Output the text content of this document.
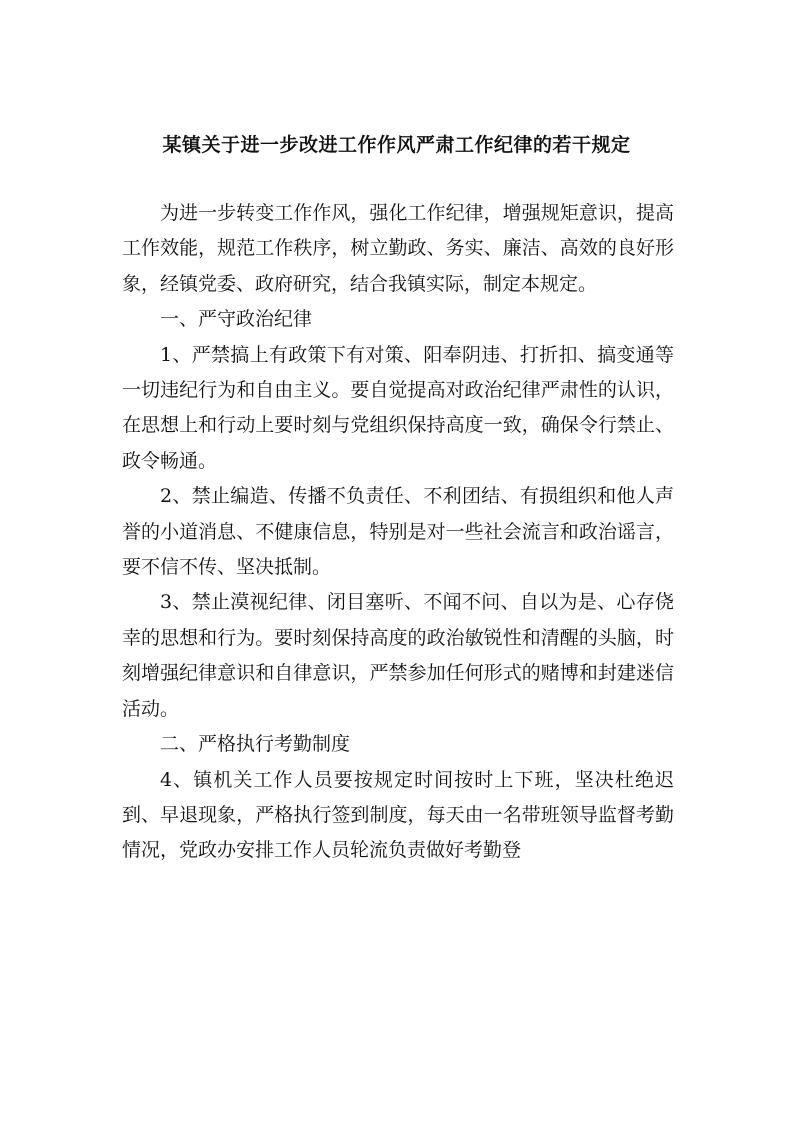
某镇关于进一步改进工作作风严肃工作纪律的若干规定

为进一步转变工作作风，强化工作纪律，增强规矩意识，提高工作效能，规范工作秩序，树立勤政、务实、廉洁、高效的良好形象，经镇党委、政府研究，结合我镇实际，制定本规定。

一、严守政治纪律

1、严禁搞上有政策下有对策、阳奉阴违、打折扣、搞变通等一切违纪行为和自由主义。要自觉提高对政治纪律严肃性的认识，在思想上和行动上要时刻与党组织保持高度一致，确保令行禁止、政令畅通。

2、禁止编造、传播不负责任、不利团结、有损组织和他人声誉的小道消息、不健康信息，特别是对一些社会流言和政治谣言，要不信不传、坚决抵制。

3、禁止漠视纪律、闭目塞听、不闻不问、自以为是、心存侥幸的思想和行为。要时刻保持高度的政治敏锐性和清醒的头脑，时刻增强纪律意识和自律意识，严禁参加任何形式的赌博和封建迷信活动。

二、严格执行考勤制度

4、镇机关工作人员要按规定时间按时上下班，坚决杜绝迟到、早退现象，严格执行签到制度，每天由一名带班领导监督考勤情况，党政办安排工作人员轮流负责做好考勤登
